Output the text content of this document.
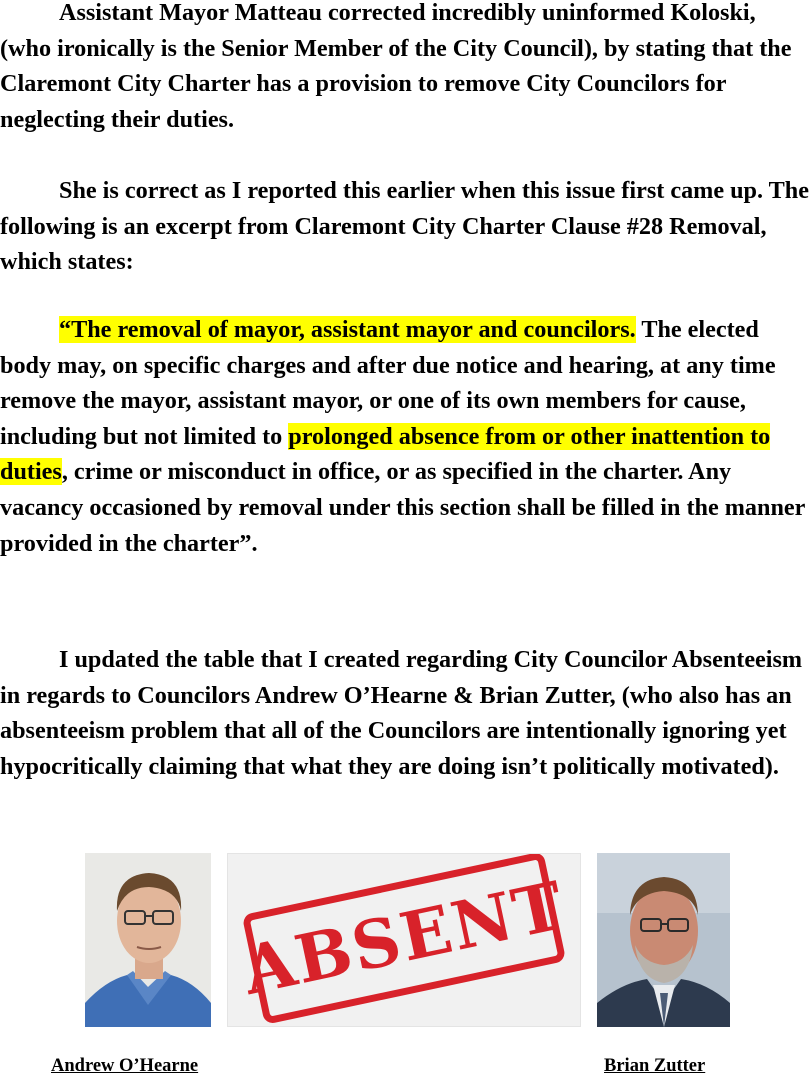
Assistant Mayor Matteau corrected incredibly uninformed Koloski, (who ironically is the Senior Member of the City Council), by stating that the Claremont City Charter has a provision to remove City Councilors for neglecting their duties.

She is correct as I reported this earlier when this issue first came up. The following is an excerpt from Claremont City Charter Clause #28 Removal, which states:

“The removal of mayor, assistant mayor and councilors. The elected body may, on specific charges and after due notice and hearing, at any time remove the mayor, assistant mayor, or one of its own members for cause, including but not limited to prolonged absence from or other inattention to duties, crime or misconduct in office, or as specified in the charter. Any vacancy occasioned by removal under this section shall be filled in the manner provided in the charter”.

I updated the table that I created regarding City Councilor Absenteeism in regards to Councilors Andrew O’Hearne & Brian Zutter, (who also has an absenteeism problem that all of the Councilors are intentionally ignoring yet hypocritically claiming that what they are doing isn’t politically motivated).

ABSENT
Andrew O’Hearne	Brian Zutter
